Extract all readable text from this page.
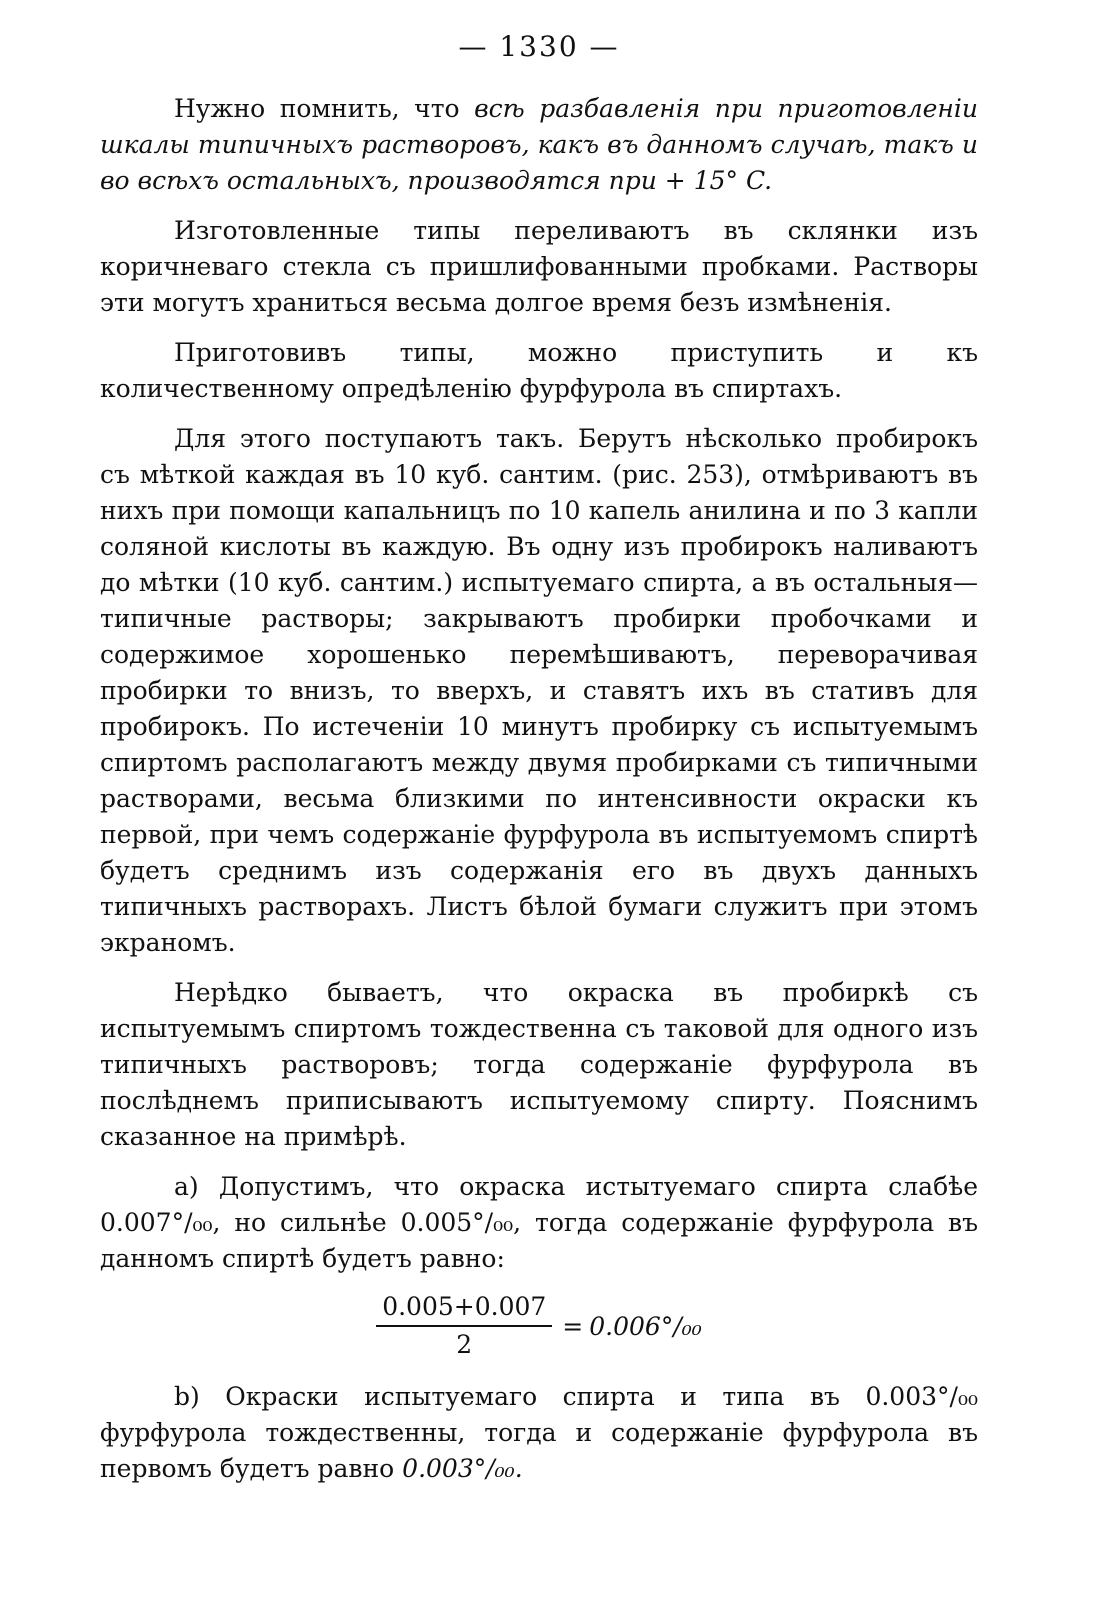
— 1330 —

Нужно помнить, что всѣ разбавленія при приготовленіи шкалы типичныхъ растворовъ, какъ въ данномъ случаѣ, такъ и во всѣхъ остальныхъ, производятся при + 15° C.

Изготовленные типы переливаютъ въ склянки изъ коричневаго стекла съ пришлифованными пробками. Растворы эти могутъ храниться весьма долгое время безъ измѣненія.

Приготовивъ типы, можно приступить и къ количественному опредѣленію фурфурола въ спиртахъ.

Для этого поступаютъ такъ. Берутъ нѣсколько пробирокъ съ мѣткой каждая въ 10 куб. сантим. (рис. 253), отмѣриваютъ въ нихъ при помощи капальницъ по 10 капель анилина и по 3 капли соляной кислоты въ каждую. Въ одну изъ пробирокъ наливаютъ до мѣтки (10 куб. сантим.) испытуемаго спирта, а въ остальныя—типичные растворы; закрываютъ пробирки пробочками и содержимое хорошенько перемѣшиваютъ, переворачивая пробирки то внизъ, то вверхъ, и ставятъ ихъ въ стативъ для пробирокъ. По истеченіи 10 минутъ пробирку съ испытуемымъ спиртомъ располагаютъ между двумя пробирками съ типичными растворами, весьма близкими по интенсивности окраски къ первой, при чемъ содержаніе фурфурола въ испытуемомъ спиртѣ будетъ среднимъ изъ содержанія его въ двухъ данныхъ типичныхъ растворахъ. Листъ бѣлой бумаги служитъ при этомъ экраномъ.

Нерѣдко бываетъ, что окраска въ пробиркѣ съ испытуемымъ спиртомъ тождественна съ таковой для одного изъ типичныхъ растворовъ; тогда содержаніе фурфурола въ послѣднемъ приписываютъ испытуемому спирту. Пояснимъ сказанное на примѣрѣ.

а) Допустимъ, что окраска истытуемаго спирта слабѣе 0.007°/₀₀, но сильнѣе 0.005°/₀₀, тогда содержаніе фурфурола въ данномъ спиртѣ будетъ равно:

$\frac{0.005+0.007}{2} = 0.006^\circ/_{00}$

b) Окраски испытуемаго спирта и типа въ 0.003°/₀₀ фурфурола тождественны, тогда и содержаніе фурфурола въ первомъ будетъ равно 0.003°/₀₀.
